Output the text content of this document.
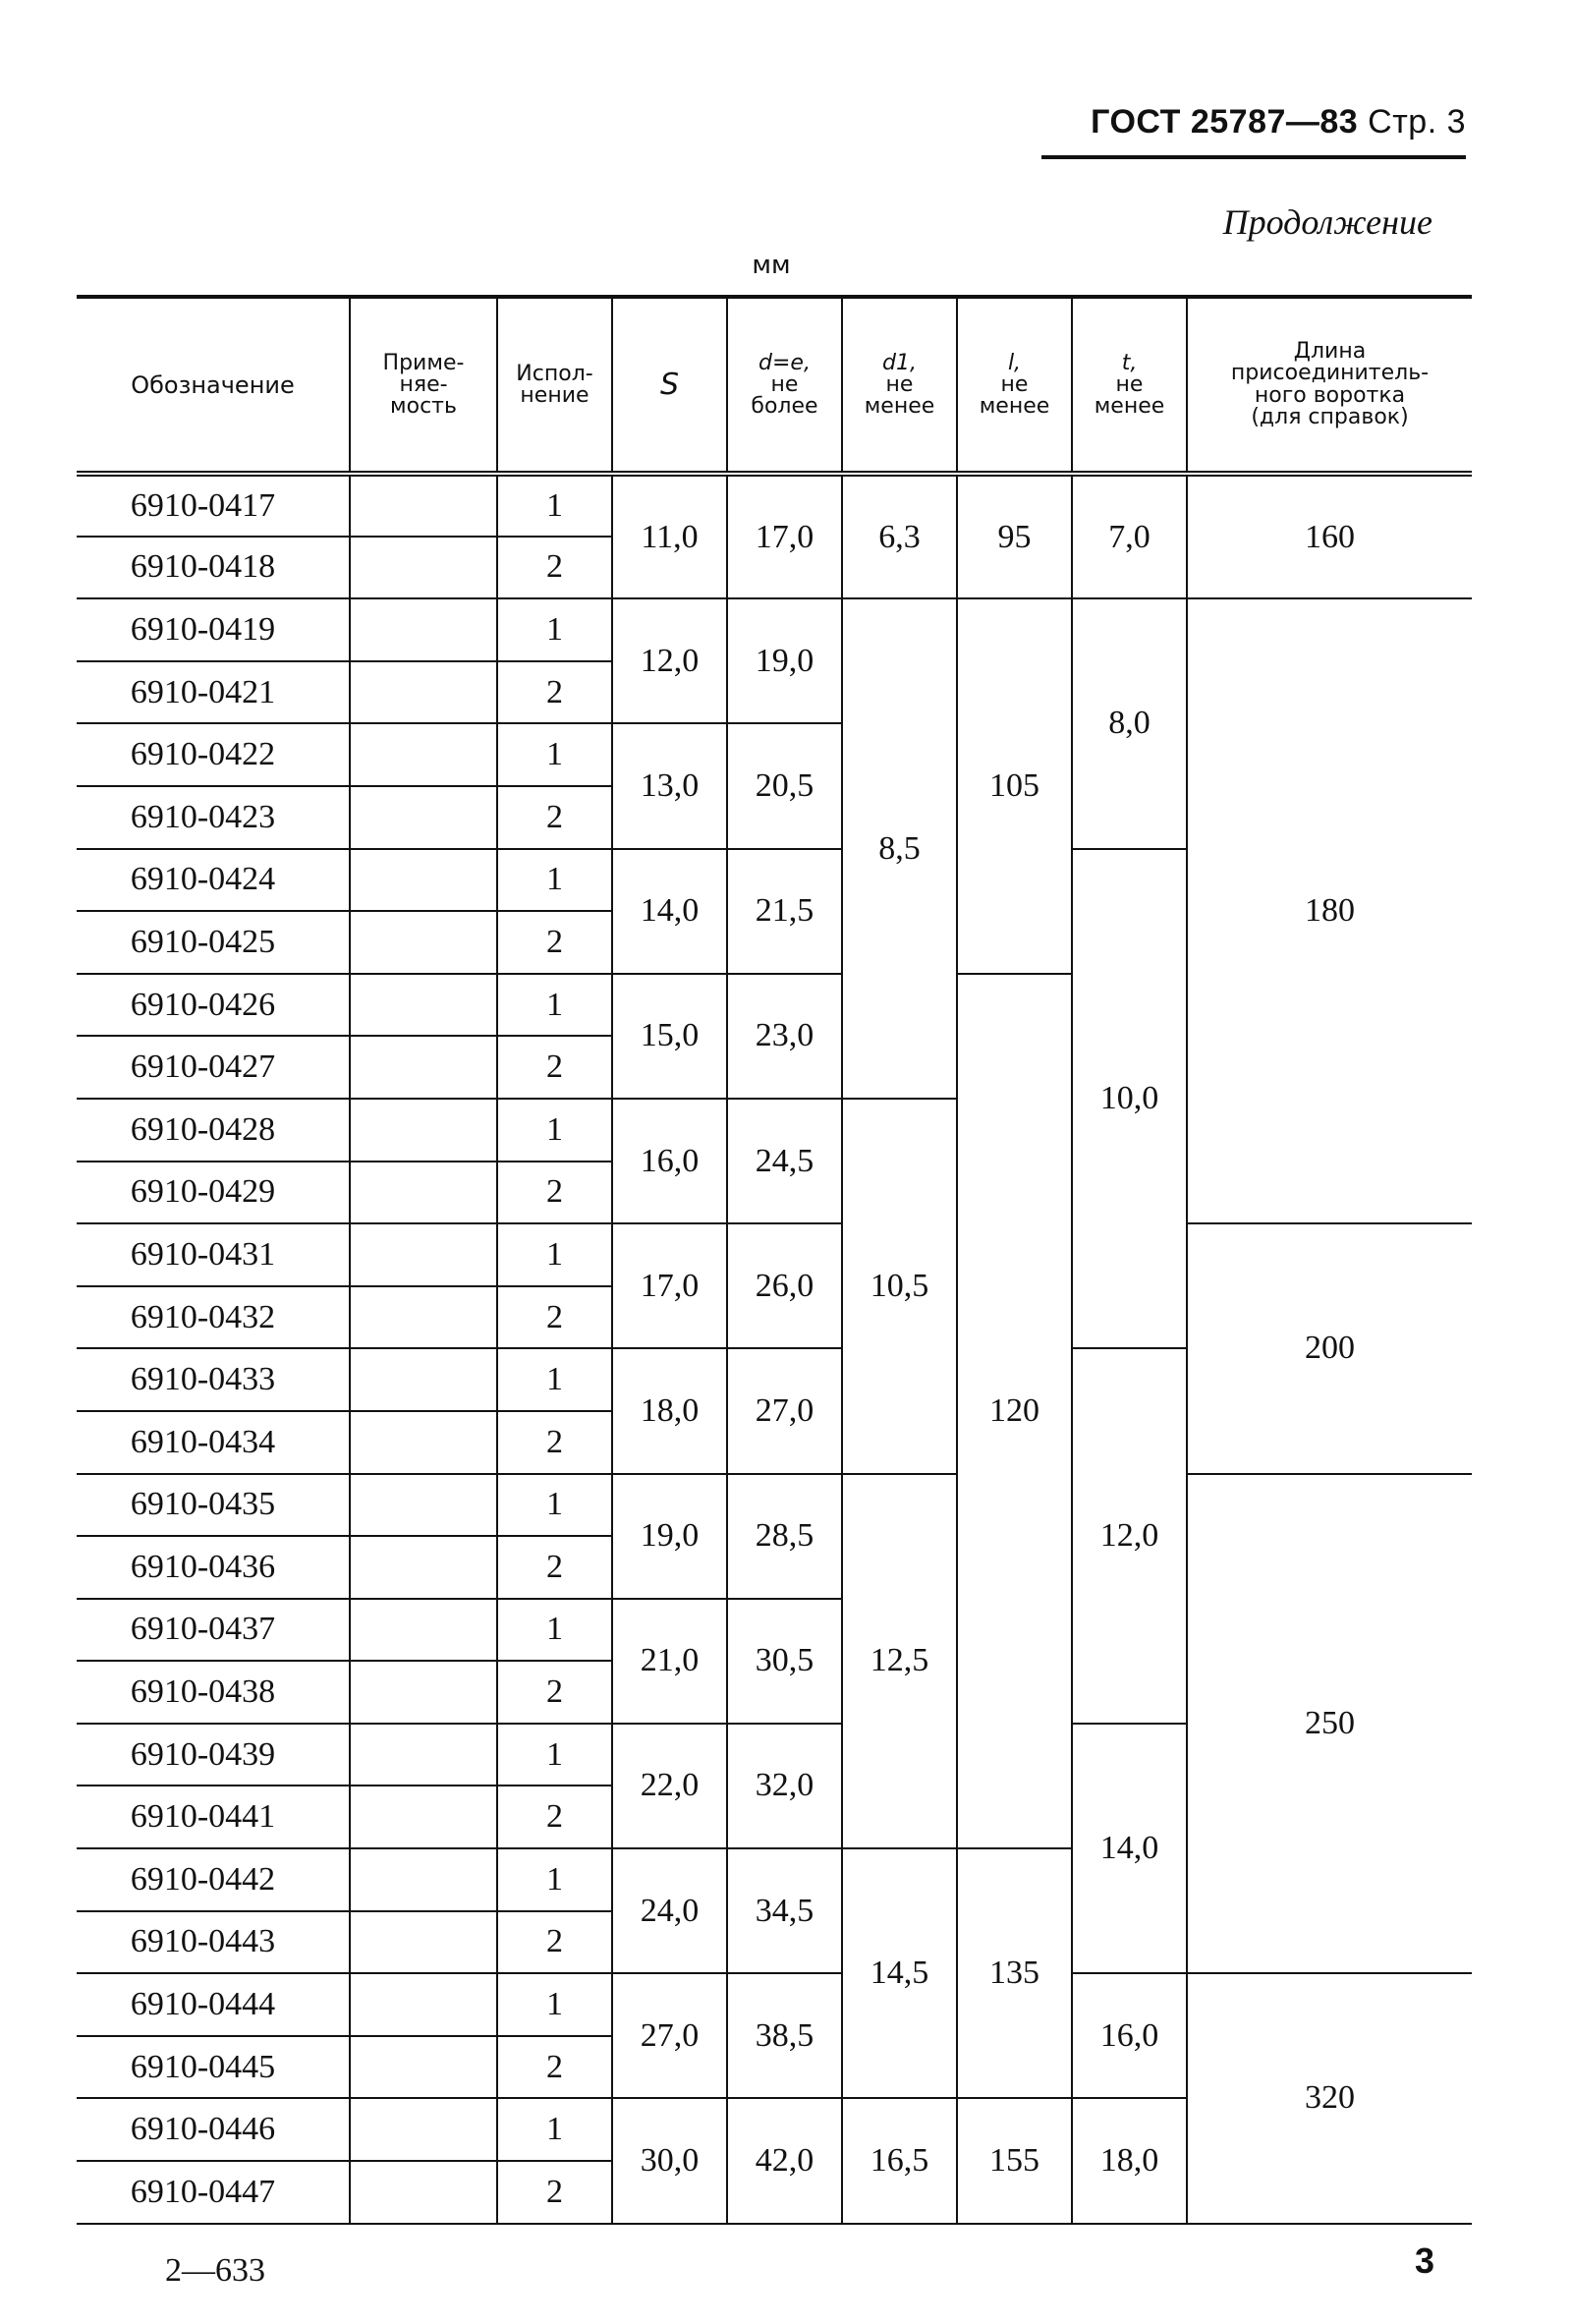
ГОСТ 25787—83 Стр. 3
Продолжение
мм
Обозначение	Приме-
няе-
мость	Испол-
нение	S	d=e,
не
более	d1,
не
менее	l,
не
менее	t,
не
менее	Длина
присоединитель-
ного воротка
(для справок)
6910-0417		1	11,0	17,0	6,3	95	7,0	160
6910-0418		2						
6910-0419		1	12,0	19,0	8,5	105	8,0	180
6910-0421		2						
6910-0422		1	13,0	20,5				
6910-0423		2						
6910-0424		1	14,0	21,5			10,0	
6910-0425		2						
6910-0426		1	15,0	23,0		120		
6910-0427		2						
6910-0428		1	16,0	24,5	10,5			
6910-0429		2						
6910-0431		1	17,0	26,0				200
6910-0432		2						
6910-0433		1	18,0	27,0			12,0	
6910-0434		2						
6910-0435		1	19,0	28,5	12,5			250
6910-0436		2						
6910-0437		1	21,0	30,5				
6910-0438		2						
6910-0439		1	22,0	32,0			14,0	
6910-0441		2						
6910-0442		1	24,0	34,5	14,5	135		
6910-0443		2						
6910-0444		1	27,0	38,5			16,0	320
6910-0445		2						
6910-0446		1	30,0	42,0	16,5	155	18,0	
6910-0447		2						
2—633	3
